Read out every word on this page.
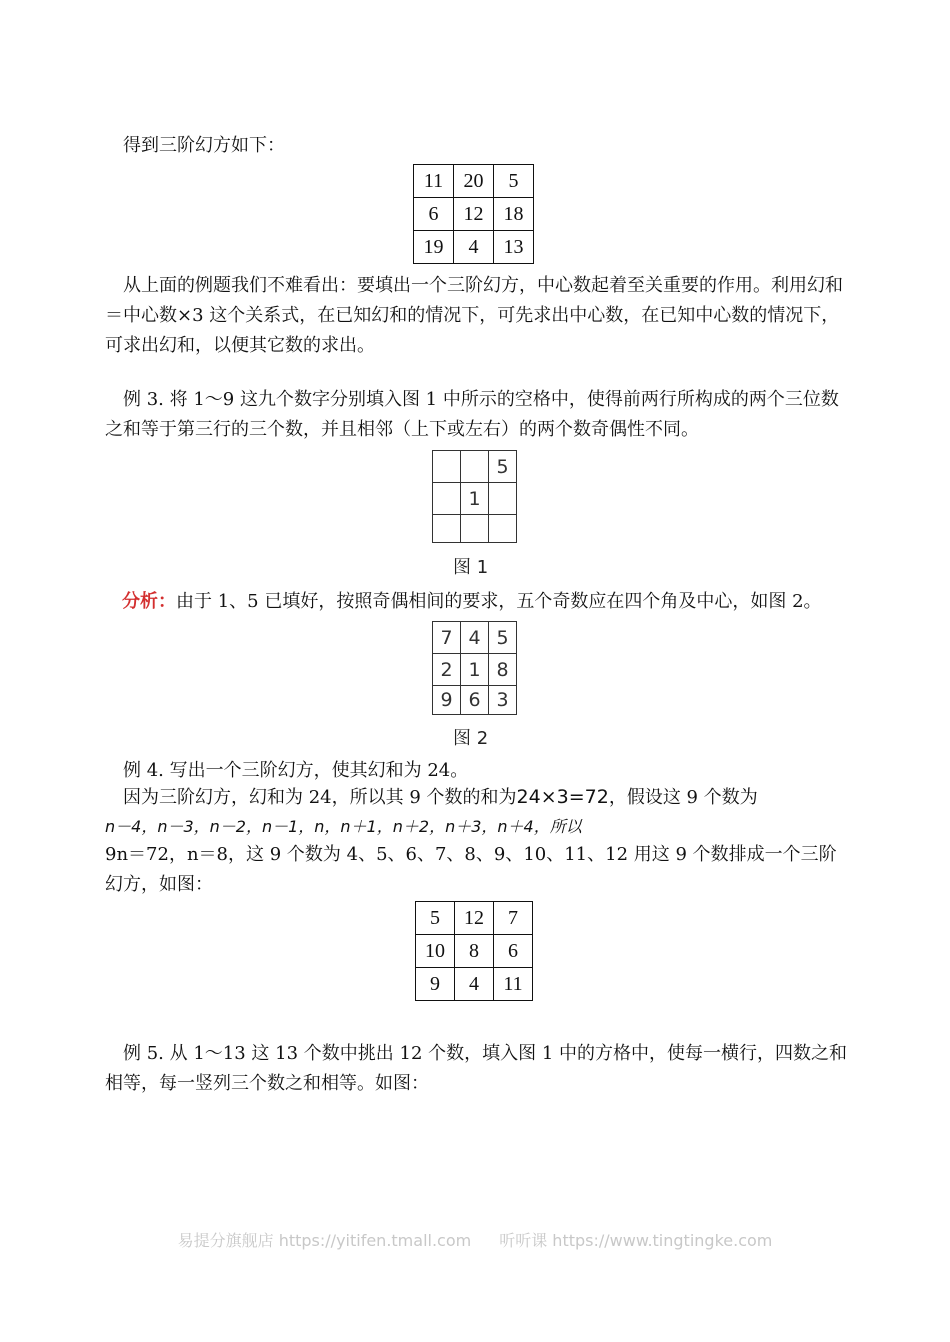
得到三阶幻方如下：
11	20	5
6	12	18
19	4	13
从上面的例题我们不难看出：要填出一个三阶幻方，中心数起着至关重要的作用。利用幻和＝中心数×3 这个关系式，在已知幻和的情况下，可先求出中心数，在已知中心数的情况下，可求出幻和，以便其它数的求出。
例 3. 将 1～9 这九个数字分别填入图 1 中所示的空格中，使得前两行所构成的两个三位数之和等于第三行的三个数，并且相邻（上下或左右）的两个数奇偶性不同。
		5
	1	

图 1
分析：由于 1、5 已填好，按照奇偶相间的要求，五个奇数应在四个角及中心，如图 2。
7	4	5
2	1	8
9	6	3
图 2
例 4. 写出一个三阶幻方，使其幻和为 24。
因为三阶幻方，幻和为 24，所以其 9 个数的和为24×3=72，假设这 9 个数为
n－4，n－3，n－2，n－1，n，n＋1，n＋2，n＋3，n＋4，所以
9n＝72，n＝8，这 9 个数为 4、5、6、7、8、9、10、11、12 用这 9 个数排成一个三阶幻方，如图：
5	12	7
10	8	6
9	4	11
例 5. 从 1～13 这 13 个数中挑出 12 个数，填入图 1 中的方格中，使每一横行，四数之和相等，每一竖列三个数之和相等。如图：
易提分旗舰店 https://yitifen.tmall.com 听听课 https://www.tingtingke.com
